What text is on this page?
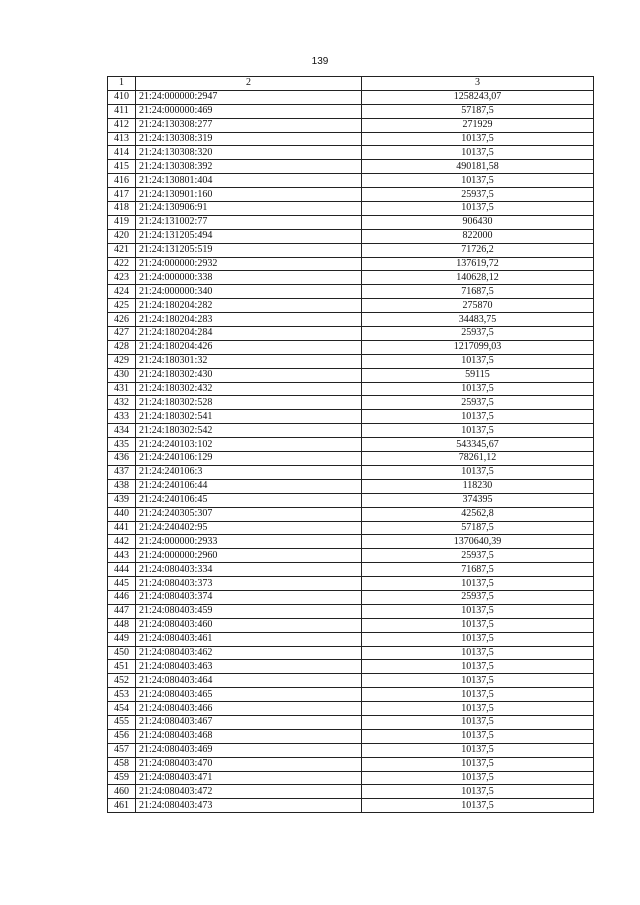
139
1	2	3
410	21:24:000000:2947	1258243,07
411	21:24:000000:469	57187,5
412	21:24:130308:277	271929
413	21:24:130308:319	10137,5
414	21:24:130308:320	10137,5
415	21:24:130308:392	490181,58
416	21:24:130801:404	10137,5
417	21:24:130901:160	25937,5
418	21:24:130906:91	10137,5
419	21:24:131002:77	906430
420	21:24:131205:494	822000
421	21:24:131205:519	71726,2
422	21:24:000000:2932	137619,72
423	21:24:000000:338	140628,12
424	21:24:000000:340	71687,5
425	21:24:180204:282	275870
426	21:24:180204:283	34483,75
427	21:24:180204:284	25937,5
428	21:24:180204:426	1217099,03
429	21:24:180301:32	10137,5
430	21:24:180302:430	59115
431	21:24:180302:432	10137,5
432	21:24:180302:528	25937,5
433	21:24:180302:541	10137,5
434	21:24:180302:542	10137,5
435	21:24:240103:102	543345,67
436	21:24:240106:129	78261,12
437	21:24:240106:3	10137,5
438	21:24:240106:44	118230
439	21:24:240106:45	374395
440	21:24:240305:307	42562,8
441	21:24:240402:95	57187,5
442	21:24:000000:2933	1370640,39
443	21:24:000000:2960	25937,5
444	21:24:080403:334	71687,5
445	21:24:080403:373	10137,5
446	21:24:080403:374	25937,5
447	21:24:080403:459	10137,5
448	21:24:080403:460	10137,5
449	21:24:080403:461	10137,5
450	21:24:080403:462	10137,5
451	21:24:080403:463	10137,5
452	21:24:080403:464	10137,5
453	21:24:080403:465	10137,5
454	21:24:080403:466	10137,5
455	21:24:080403:467	10137,5
456	21:24:080403:468	10137,5
457	21:24:080403:469	10137,5
458	21:24:080403:470	10137,5
459	21:24:080403:471	10137,5
460	21:24:080403:472	10137,5
461	21:24:080403:473	10137,5
